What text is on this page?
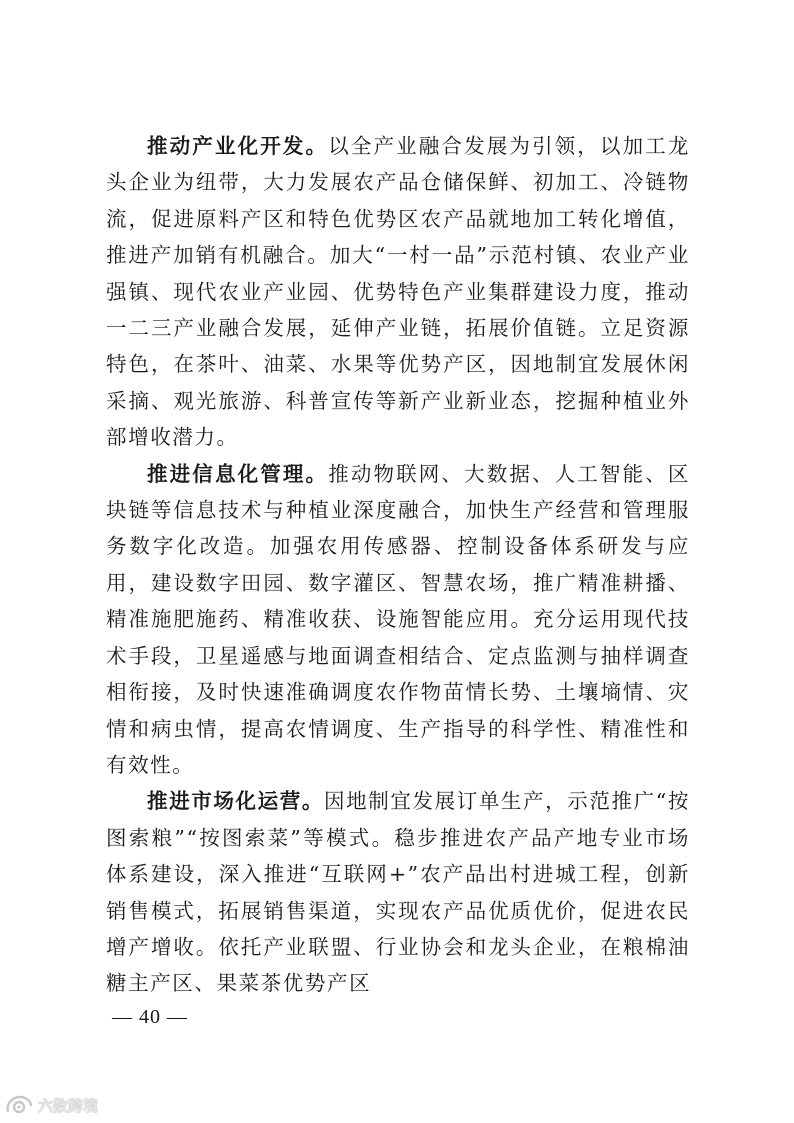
推动产业化开发。以全产业融合发展为引领，以加工龙头企业为纽带，大力发展农产品仓储保鲜、初加工、冷链物流，促进原料产区和特色优势区农产品就地加工转化增值，推进产加销有机融合。加大“一村一品”示范村镇、农业产业强镇、现代农业产业园、优势特色产业集群建设力度，推动一二三产业融合发展，延伸产业链，拓展价值链。立足资源特色，在茶叶、油菜、水果等优势产区，因地制宜发展休闲采摘、观光旅游、科普宣传等新产业新业态，挖掘种植业外部增收潜力。

推进信息化管理。推动物联网、大数据、人工智能、区块链等信息技术与种植业深度融合，加快生产经营和管理服务数字化改造。加强农用传感器、控制设备体系研发与应用，建设数字田园、数字灌区、智慧农场，推广精准耕播、精准施肥施药、精准收获、设施智能应用。充分运用现代技术手段，卫星遥感与地面调查相结合、定点监测与抽样调查相衔接，及时快速准确调度农作物苗情长势、土壤墒情、灾情和病虫情，提高农情调度、生产指导的科学性、精准性和有效性。

推进市场化运营。因地制宜发展订单生产，示范推广“按图索粮”“按图索菜”等模式。稳步推进农产品产地专业市场体系建设，深入推进“互联网+”农产品出村进城工程，创新销售模式，拓展销售渠道，实现农产品优质优价，促进农民增产增收。依托产业联盟、行业协会和龙头企业，在粮棉油糖主产区、果菜茶优势产区

— 40 —
六数跨境
